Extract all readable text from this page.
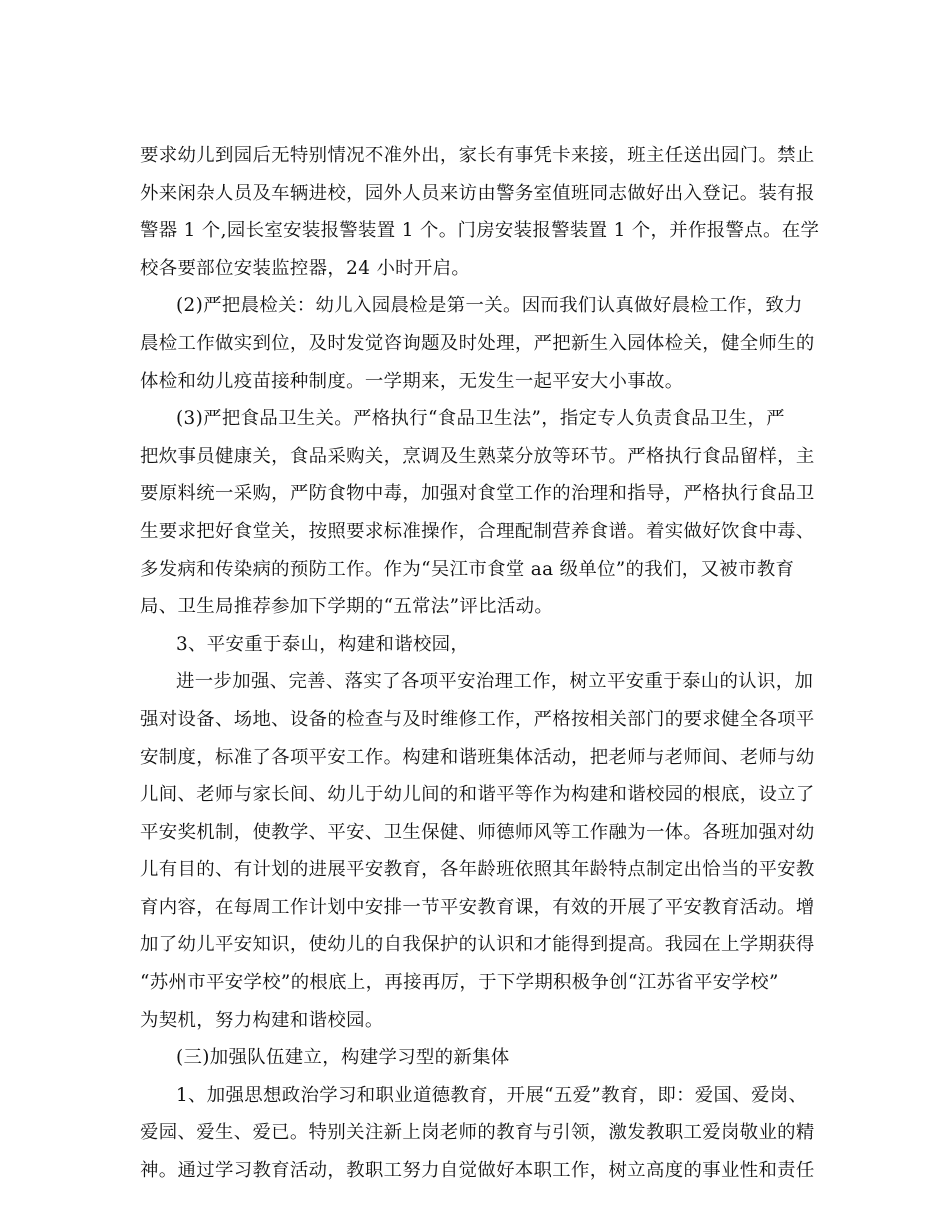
要求幼儿到园后无特别情况不准外出，家长有事凭卡来接，班主任送出园门。禁止
外来闲杂人员及车辆进校，园外人员来访由警务室值班同志做好出入登记。装有报
警器 1 个,园长室安装报警装置 1 个。门房安装报警装置 1 个，并作报警点。在学
校各要部位安装监控器，24 小时开启。
(2)严把晨检关：幼儿入园晨检是第一关。因而我们认真做好晨检工作，致力
晨检工作做实到位，及时发觉咨询题及时处理，严把新生入园体检关，健全师生的
体检和幼儿疫苗接种制度。一学期来，无发生一起平安大小事故。
(3)严把食品卫生关。严格执行“食品卫生法”，指定专人负责食品卫生，严
把炊事员健康关，食品采购关，烹调及生熟菜分放等环节。严格执行食品留样，主
要原料统一采购，严防食物中毒，加强对食堂工作的治理和指导，严格执行食品卫
生要求把好食堂关，按照要求标准操作，合理配制营养食谱。着实做好饮食中毒、
多发病和传染病的预防工作。作为“吴江市食堂 aa 级单位”的我们，又被市教育
局、卫生局推荐参加下学期的“五常法”评比活动。
3、平安重于泰山，构建和谐校园，
进一步加强、完善、落实了各项平安治理工作，树立平安重于泰山的认识，加
强对设备、场地、设备的检查与及时维修工作，严格按相关部门的要求健全各项平
安制度，标准了各项平安工作。构建和谐班集体活动，把老师与老师间、老师与幼
儿间、老师与家长间、幼儿于幼儿间的和谐平等作为构建和谐校园的根底，设立了
平安奖机制，使教学、平安、卫生保健、师德师风等工作融为一体。各班加强对幼
儿有目的、有计划的进展平安教育，各年龄班依照其年龄特点制定出恰当的平安教
育内容，在每周工作计划中安排一节平安教育课，有效的开展了平安教育活动。增
加了幼儿平安知识，使幼儿的自我保护的认识和才能得到提高。我园在上学期获得
“苏州市平安学校”的根底上，再接再厉，于下学期积极争创“江苏省平安学校”
为契机，努力构建和谐校园。
(三)加强队伍建立，构建学习型的新集体
1、加强思想政治学习和职业道德教育，开展“五爱”教育，即：爱国、爱岗、
爱园、爱生、爱已。特别关注新上岗老师的教育与引领，激发教职工爱岗敬业的精
神。通过学习教育活动，教职工努力自觉做好本职工作，树立高度的事业性和责任
